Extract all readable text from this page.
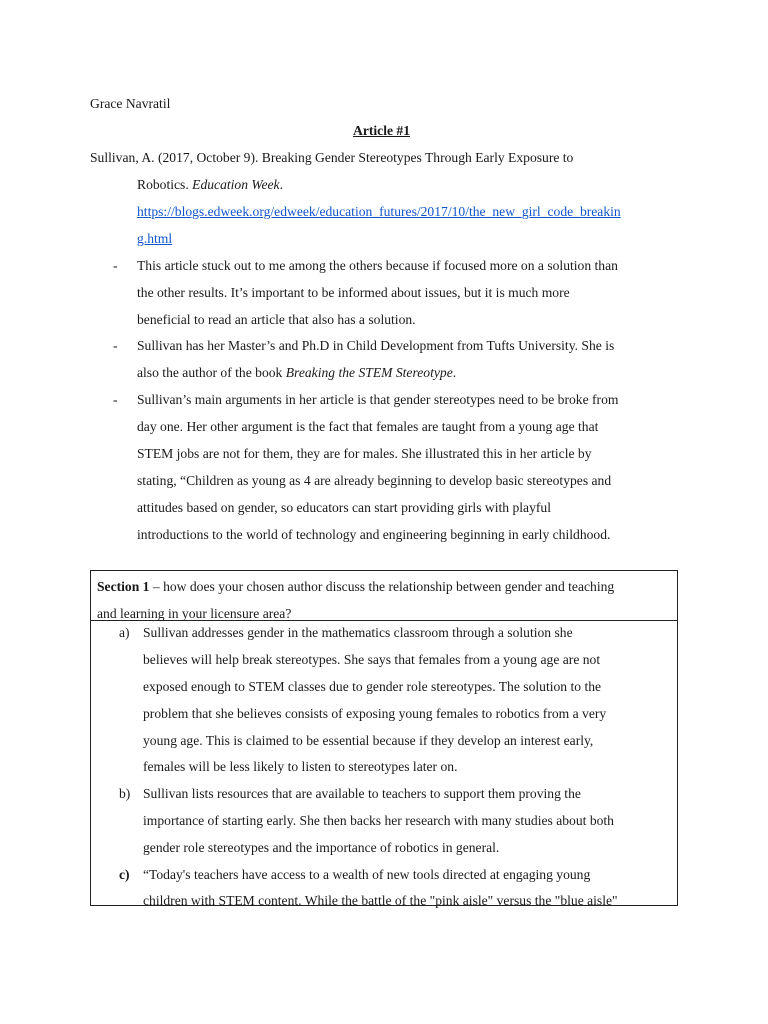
Grace Navratil
Article #1
Sullivan, A. (2017, October 9). Breaking Gender Stereotypes Through Early Exposure to
Robotics. Education Week.
https://blogs.edweek.org/edweek/education_futures/2017/10/the_new_girl_code_breakin
g.html
- This article stuck out to me among the others because if focused more on a solution than
the other results. It’s important to be informed about issues, but it is much more
beneficial to read an article that also has a solution.
- Sullivan has her Master’s and Ph.D in Child Development from Tufts University. She is
also the author of the book Breaking the STEM Stereotype.
- Sullivan’s main arguments in her article is that gender stereotypes need to be broke from
day one. Her other argument is the fact that females are taught from a young age that
STEM jobs are not for them, they are for males. She illustrated this in her article by
stating, “Children as young as 4 are already beginning to develop basic stereotypes and
attitudes based on gender, so educators can start providing girls with playful
introductions to the world of technology and engineering beginning in early childhood.
Section 1 – how does your chosen author discuss the relationship between gender and teaching
and learning in your licensure area?
a) Sullivan addresses gender in the mathematics classroom through a solution she
believes will help break stereotypes. She says that females from a young age are not
exposed enough to STEM classes due to gender role stereotypes. The solution to the
problem that she believes consists of exposing young females to robotics from a very
young age. This is claimed to be essential because if they develop an interest early,
females will be less likely to listen to stereotypes later on.
b) Sullivan lists resources that are available to teachers to support them proving the
importance of starting early. She then backs her research with many studies about both
gender role stereotypes and the importance of robotics in general.
c) “Today's teachers have access to a wealth of new tools directed at engaging young
children with STEM content. While the battle of the "pink aisle" versus the "blue aisle"
